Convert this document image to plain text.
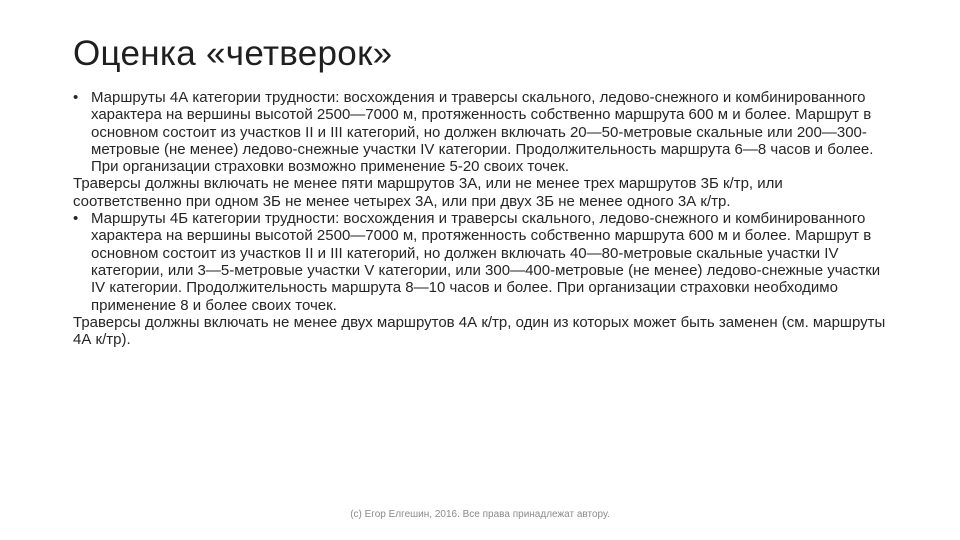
Оценка «четверок»

• Маршруты 4А категории трудности: восхождения и траверсы скального, ледово-снежного и комбинированного характера на вершины высотой 2500—7000 м, протяженность собственно маршрута 600 м и более. Маршрут в основном состоит из участков II и III категорий, но должен включать 20—50-метровые скальные или 200—300-метровые (не менее) ледово-снежные участки IV категории. Продолжительность маршрута 6—8 часов и более. При организации страховки возможно применение 5-20 своих точек.

Траверсы должны включать не менее пяти маршрутов 3А, или не менее трех маршрутов 3Б к/тр, или соответственно при одном 3Б не менее четырех 3А, или при двух 3Б не менее одного 3А к/тр.

• Маршруты 4Б категории трудности: восхождения и траверсы скального, ледово-снежного и комбинированного характера на вершины высотой 2500—7000 м, протяженность собственно маршрута 600 м и более. Маршрут в основном состоит из участков II и III категорий, но должен включать 40—80-метровые скальные участки IV категории, или 3—5-метровые участки V категории, или 300—400-метровые (не менее) ледово-снежные участки IV категории. Продолжительность маршрута 8—10 часов и более. При организации страховки необходимо применение 8 и более своих точек.

Траверсы должны включать не менее двух маршрутов 4А к/тр, один из которых может быть заменен (см. маршруты 4А к/тр).

(с) Егор Елгешин, 2016. Все права принадлежат автору.
